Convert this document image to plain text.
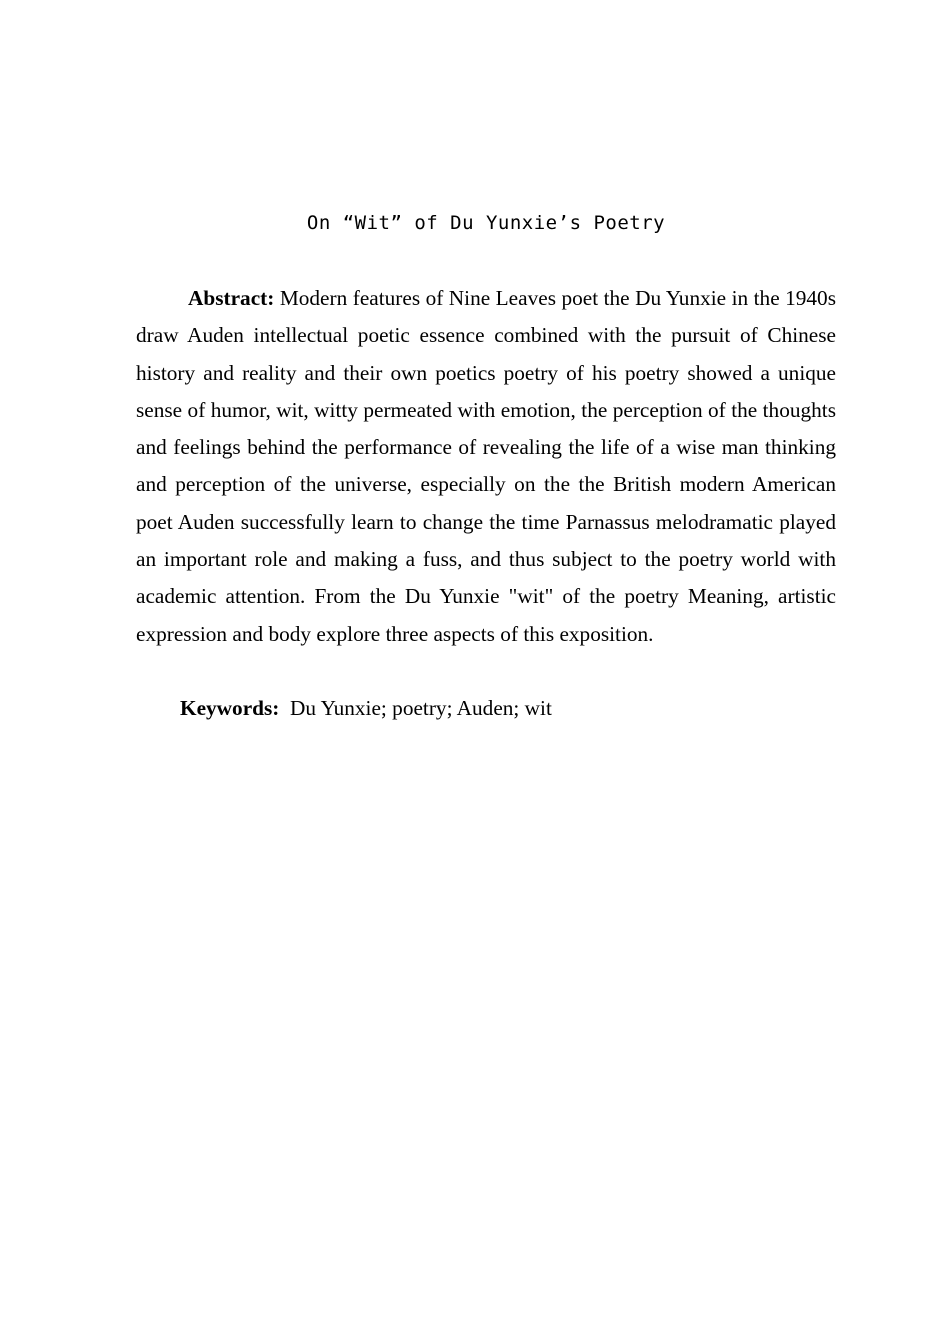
On “Wit” of Du Yunxie’s Poetry

Abstract: Modern features of Nine Leaves poet the Du Yunxie in the 1940s draw Auden intellectual poetic essence combined with the pursuit of Chinese history and reality and their own poetics poetry of his poetry showed a unique sense of humor, wit, witty permeated with emotion, the perception of the thoughts and feelings behind the performance of revealing the life of a wise man thinking and perception of the universe, especially on the the British modern American poet Auden successfully learn to change the time Parnassus melodramatic played an important role and making a fuss, and thus subject to the poetry world with academic attention. From the Du Yunxie "wit" of the poetry Meaning, artistic expression and body explore three aspects of this exposition.

Keywords: Du Yunxie; poetry; Auden; wit
